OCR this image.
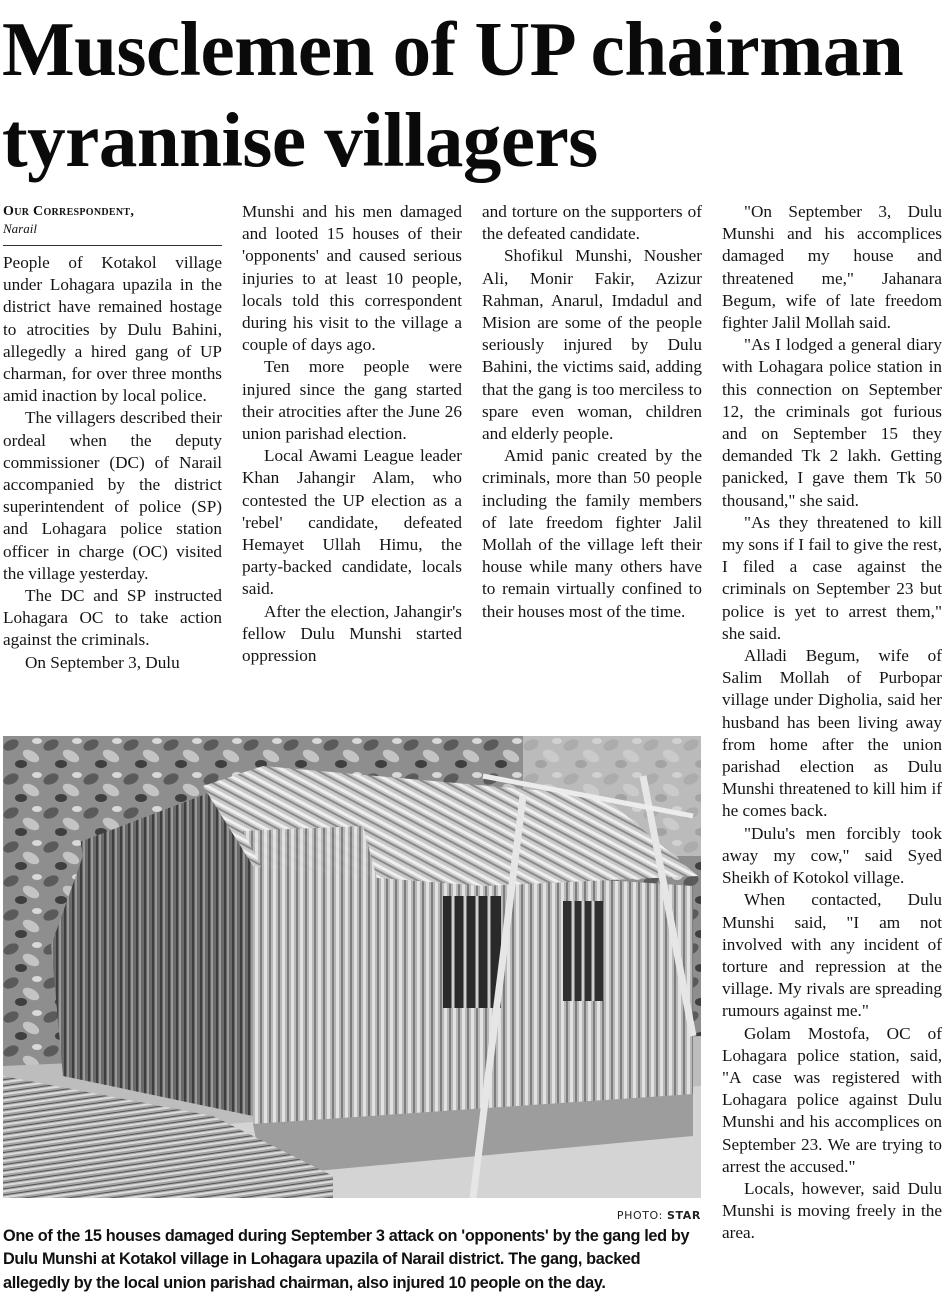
Musclemen of UP chairman tyrannise villagers
Our Correspondent,
Narail

People of Kotakol village under Lohagara upazila in the district have remained hostage to atrocities by Dulu Bahini, allegedly a hired gang of UP charman, for over three months amid inaction by local police.

The villagers described their ordeal when the deputy commissioner (DC) of Narail accompanied by the district superintendent of police (SP) and Lohagara police station officer in charge (OC) visited the village yesterday.

The DC and SP instructed Lohagara OC to take action against the criminals.

On September 3, Dulu

Munshi and his men damaged and looted 15 houses of their 'opponents' and caused serious injuries to at least 10 people, locals told this correspondent during his visit to the village a couple of days ago.

Ten more people were injured since the gang started their atrocities after the June 26 union parishad election.

Local Awami League leader Khan Jahangir Alam, who contested the UP election as a 'rebel' candidate, defeated Hemayet Ullah Himu, the party-backed candidate, locals said.

After the election, Jahangir's fellow Dulu Munshi started oppression

and torture on the supporters of the defeated candidate.

Shofikul Munshi, Nousher Ali, Monir Fakir, Azizur Rahman, Anarul, Imdadul and Mision are some of the people seriously injured by Dulu Bahini, the victims said, adding that the gang is too merciless to spare even woman, children and elderly people.

Amid panic created by the criminals, more than 50 people including the family members of late freedom fighter Jalil Mollah of the village left their house while many others have to remain virtually confined to their houses most of the time.

"On September 3, Dulu Munshi and his accomplices damaged my house and threatened me," Jahanara Begum, wife of late freedom fighter Jalil Mollah said.

"As I lodged a general diary with Lohagara police station in this connection on September 12, the criminals got furious and on September 15 they demanded Tk 2 lakh. Getting panicked, I gave them Tk 50 thousand," she said.

"As they threatened to kill my sons if I fail to give the rest, I filed a case against the criminals on September 23 but police is yet to arrest them," she said.

Alladi Begum, wife of Salim Mollah of Purbopar village under Digholia, said her husband has been living away from home after the union parishad election as Dulu Munshi threatened to kill him if he comes back.

"Dulu's men forcibly took away my cow," said Syed Sheikh of Kotokol village.

When contacted, Dulu Munshi said, "I am not involved with any incident of torture and repression at the village. My rivals are spreading rumours against me."

Golam Mostofa, OC of Lohagara police station, said, "A case was registered with Lohagara police against Dulu Munshi and his accomplices on September 23. We are trying to arrest the accused."

Locals, however, said Dulu Munshi is moving freely in the area.

PHOTO: STAR

One of the 15 houses damaged during September 3 attack on 'opponents' by the gang led by Dulu Munshi at Kotakol village in Lohagara upazila of Narail district. The gang, backed allegedly by the local union parishad chairman, also injured 10 people on the day.
